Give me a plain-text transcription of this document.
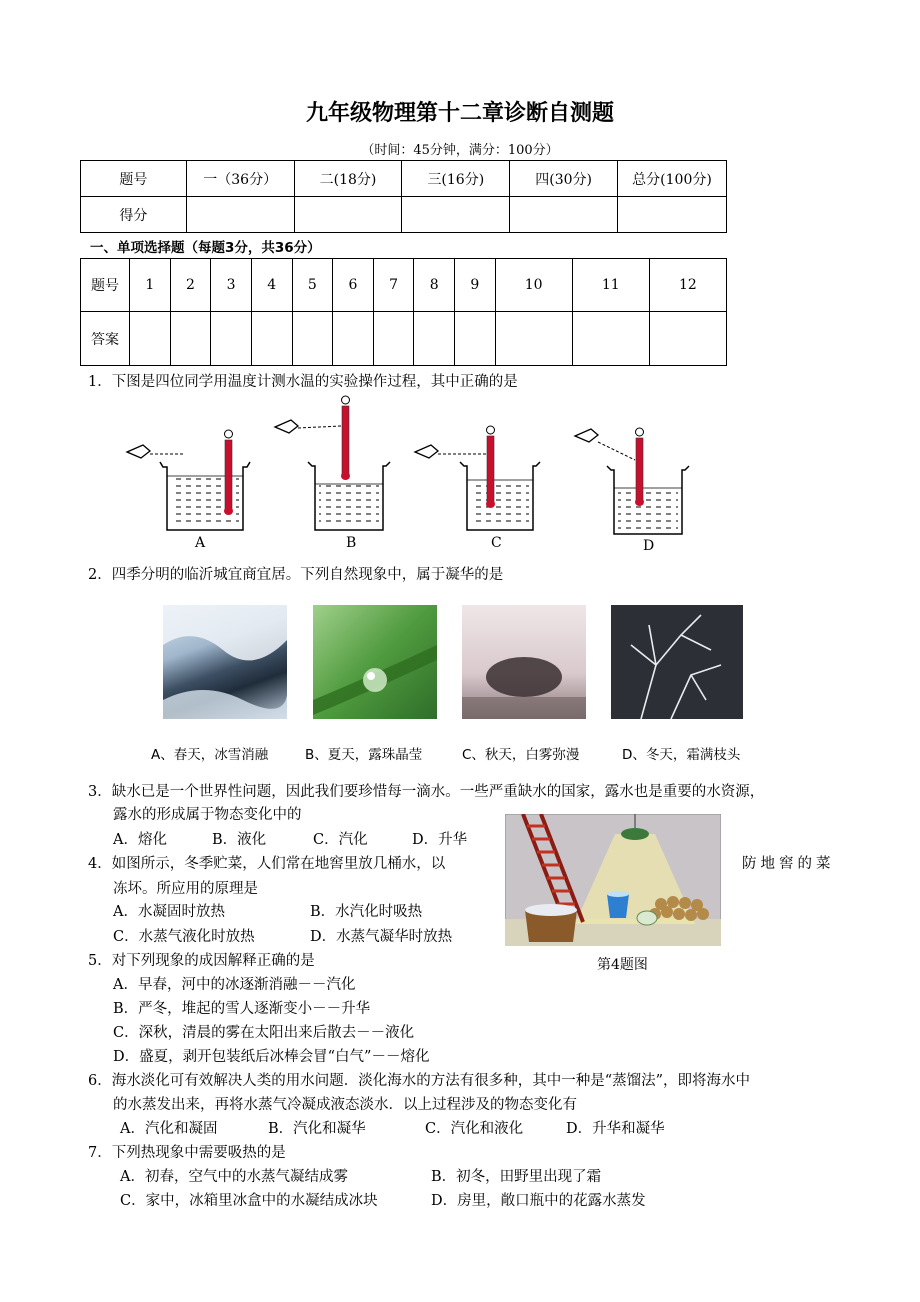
九年级物理第十二章诊断自测题
（时间：45分钟，满分：100分）
题号	一（36分）	二(18分)	三(16分)	四(30分)	总分(100分)
得分					
一、单项选择题（每题3分，共36分）
题号	1	2	3	4	5	6	7	8	9	10	11	12
答案												
1．下图是四位同学用温度计测水温的实验操作过程，其中正确的是
A	B	C	D
2．四季分明的临沂城宜商宜居。下列自然现象中，属于凝华的是
A、春天，冰雪消融	B、夏天，露珠晶莹	C、秋天，白雾弥漫	D、冬天，霜满枝头
3．缺水已是一个世界性问题，因此我们要珍惜每一滴水。一些严重缺水的国家，露水也是重要的水资源，
露水的形成属于物态变化中的
A．熔化	B．液化	C．汽化	D．升华
第4题图
4．如图所示，冬季贮菜，人们常在地窖里放几桶水，以	防地窖的菜
冻坏。所应用的原理是
A．水凝固时放热	B．水汽化时吸热
C．水蒸气液化时放热	D．水蒸气凝华时放热
5．对下列现象的成因解释正确的是
A．早春，河中的冰逐渐消融－－汽化
B．严冬，堆起的雪人逐渐变小－－升华
C．深秋，清晨的雾在太阳出来后散去－－液化
D．盛夏，剥开包装纸后冰棒会冒“白气”－－熔化
6．海水淡化可有效解决人类的用水问题．淡化海水的方法有很多种，其中一种是“蒸馏法”，即将海水中
的水蒸发出来，再将水蒸气冷凝成液态淡水．以上过程涉及的物态变化有
A．汽化和凝固	B．汽化和凝华	C．汽化和液化	D．升华和凝华
7．下列热现象中需要吸热的是
A．初春，空气中的水蒸气凝结成雾	B．初冬，田野里出现了霜
C．家中，冰箱里冰盒中的水凝结成冰块	D．房里，敞口瓶中的花露水蒸发
